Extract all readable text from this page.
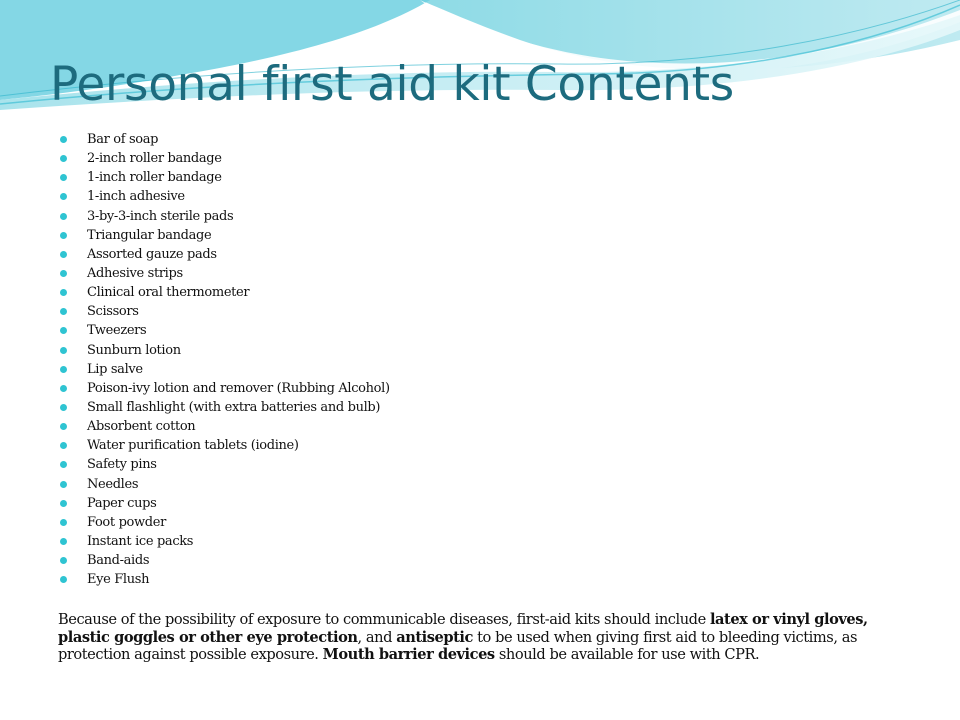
Personal first aid kit Contents
Bar of soap
2-inch roller bandage
1-inch roller bandage
1-inch adhesive
3-by-3-inch sterile pads
Triangular bandage
Assorted gauze pads
Adhesive strips
Clinical oral thermometer
Scissors
Tweezers
Sunburn lotion
Lip salve
Poison-ivy lotion and remover (Rubbing Alcohol)
Small flashlight (with extra batteries and bulb)
Absorbent cotton
Water purification tablets (iodine)
Safety pins
Needles
Paper cups
Foot powder
Instant ice packs
Band-aids
Eye Flush

Because of the possibility of exposure to communicable diseases, first-aid kits should include latex or vinyl gloves, plastic goggles or other eye protection, and antiseptic to be used when giving first aid to bleeding victims, as protection against possible exposure. Mouth barrier devices should be available for use with CPR.
